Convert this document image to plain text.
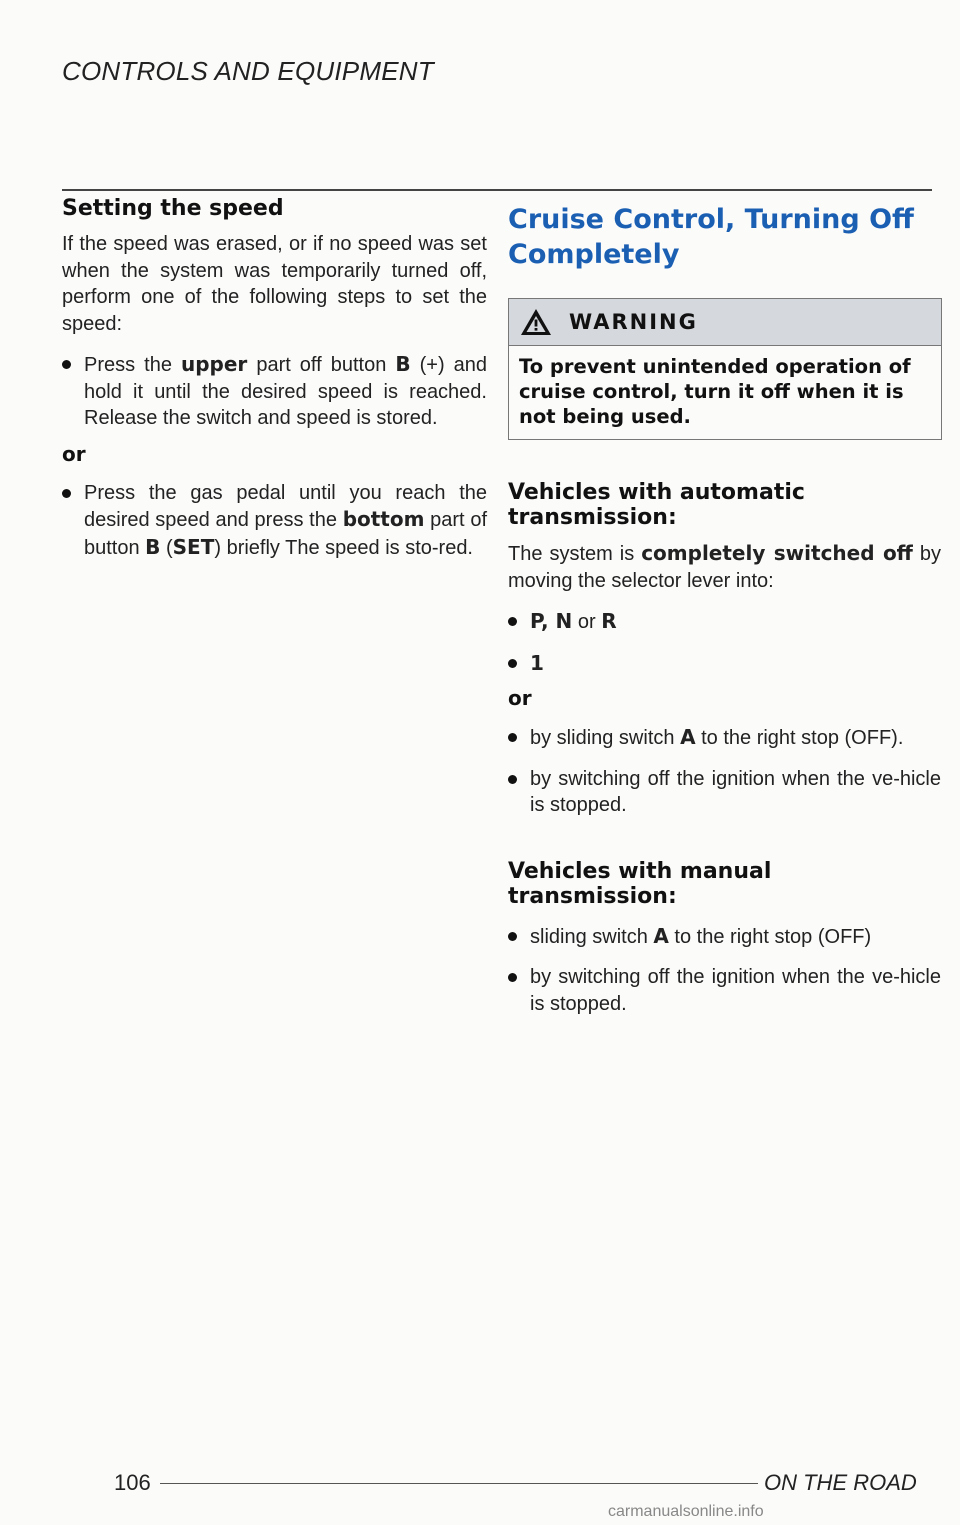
CONTROLS AND EQUIPMENT
Setting the speed

If the speed was erased, or if no speed was set when the system was temporarily turned off, perform one of the following steps to set the speed:

Press the upper part off button B (+) and hold it until the desired speed is reached. Release the switch and speed is stored.

or

Press the gas pedal until you reach the desired speed and press the bottom part of button B (SET) briefly The speed is sto-red.

Cruise Control, Turning Off Completely
WARNING
To prevent unintended operation of cruise control, turn it off when it is not being used.
Vehicles with automatic transmission:

The system is completely switched off by moving the selector lever into:

P, N or R

1

or

by sliding switch A to the right stop (OFF).

by switching off the ignition when the ve-hicle is stopped.

Vehicles with manual transmission:

sliding switch A to the right stop (OFF)

by switching off the ignition when the ve-hicle is stopped.

106	ON THE ROAD
carmanualsonline.info
